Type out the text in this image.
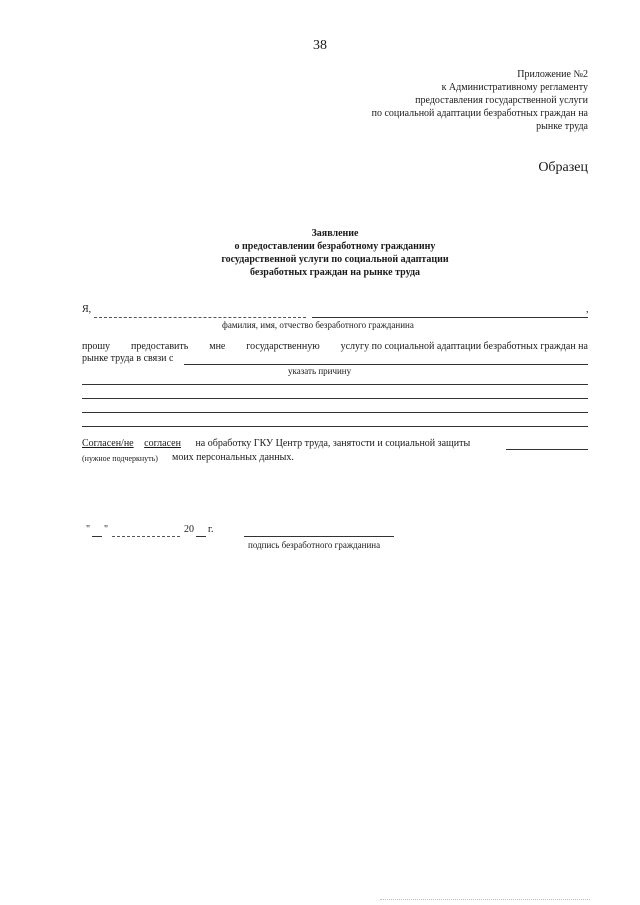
38
Приложение №2
к Административному регламенту
предоставления государственной услуги
по социальной адаптации безработных граждан на
рынке труда
Образец
Заявление
о предоставлении безработному гражданину
государственной услуги по социальной адаптации
безработных граждан на рынке труда
Я,	,
фамилия, имя, отчество безработного гражданина
прошу предоставить мне государственную услугу по социальной адаптации безработных граждан на
рынке труда в связи с
указать причину
Согласен/не согласен на обработку ГКУ Центр труда, занятости и социальной защиты
(нужное подчеркнуть) моих персональных данных.
" "	20 г.
подпись безработного гражданина
